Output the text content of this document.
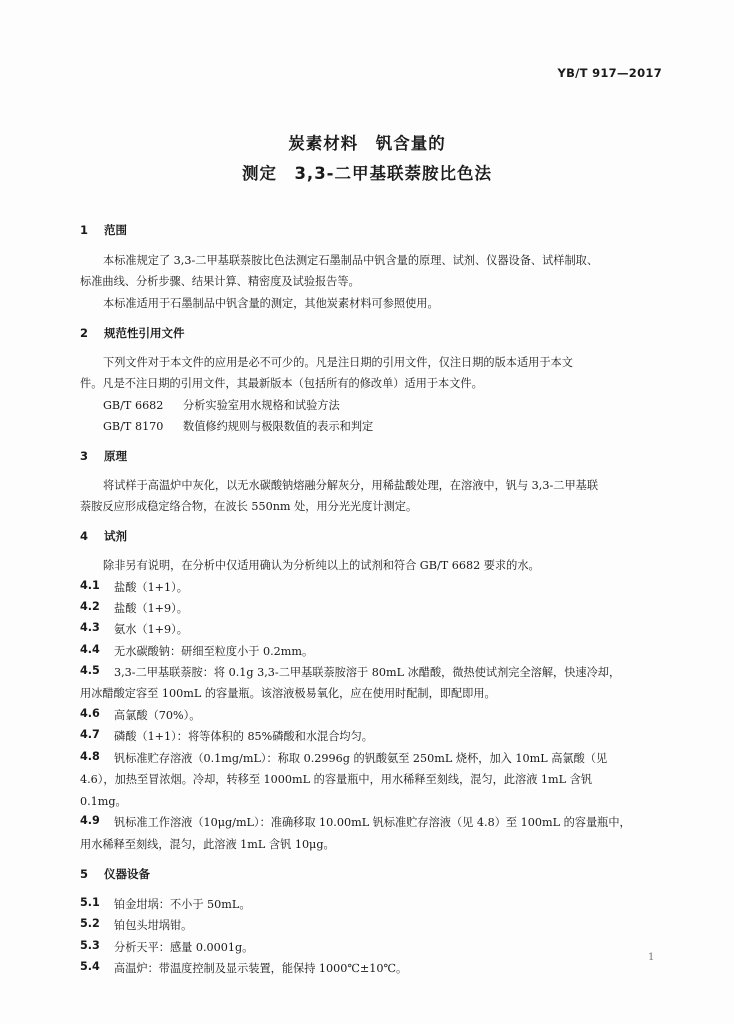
YB/T 917—2017
炭素材料　钒含量的
测定　3,3-二甲基联萘胺比色法
1 范围
本标准规定了 3,3-二甲基联萘胺比色法测定石墨制品中钒含量的原理、试剂、仪器设备、试样制取、
标准曲线、分析步骤、结果计算、精密度及试验报告等。
本标准适用于石墨制品中钒含量的测定，其他炭素材料可参照使用。
2 规范性引用文件
下列文件对于本文件的应用是必不可少的。凡是注日期的引用文件，仅注日期的版本适用于本文
件。凡是不注日期的引用文件，其最新版本（包括所有的修改单）适用于本文件。
GB/T 6682 分析实验室用水规格和试验方法
GB/T 8170 数值修约规则与极限数值的表示和判定
3 原理
将试样于高温炉中灰化，以无水碳酸钠熔融分解灰分，用稀盐酸处理，在溶液中，钒与 3,3-二甲基联
萘胺反应形成稳定络合物，在波长 550nm 处，用分光光度计测定。
4 试剂
除非另有说明，在分析中仅适用确认为分析纯以上的试剂和符合 GB/T 6682 要求的水。
4.1 盐酸（1+1）。
4.2 盐酸（1+9）。
4.3 氨水（1+9）。
4.4 无水碳酸钠：研细至粒度小于 0.2mm。
4.5 3,3-二甲基联萘胺：将 0.1g 3,3-二甲基联萘胺溶于 80mL 冰醋酸，微热使试剂完全溶解，快速冷却，
用冰醋酸定容至 100mL 的容量瓶。该溶液极易氧化，应在使用时配制，即配即用。
4.6 高氯酸（70%）。
4.7 磷酸（1+1）：将等体积的 85%磷酸和水混合均匀。
4.8 钒标准贮存溶液（0.1mg/mL）：称取 0.2996g 的钒酸氨至 250mL 烧杯，加入 10mL 高氯酸（见
4.6），加热至冒浓烟。冷却，转移至 1000mL 的容量瓶中，用水稀释至刻线，混匀，此溶液 1mL 含钒
0.1mg。
4.9 钒标准工作溶液（10μg/mL）：准确移取 10.00mL 钒标准贮存溶液（见 4.8）至 100mL 的容量瓶中，
用水稀释至刻线，混匀，此溶液 1mL 含钒 10μg。
5 仪器设备
5.1 铂金坩埚：不小于 50mL。
5.2 铂包头坩埚钳。
5.3 分析天平：感量 0.0001g。
5.4 高温炉：带温度控制及显示装置，能保持 1000℃±10℃。
1
